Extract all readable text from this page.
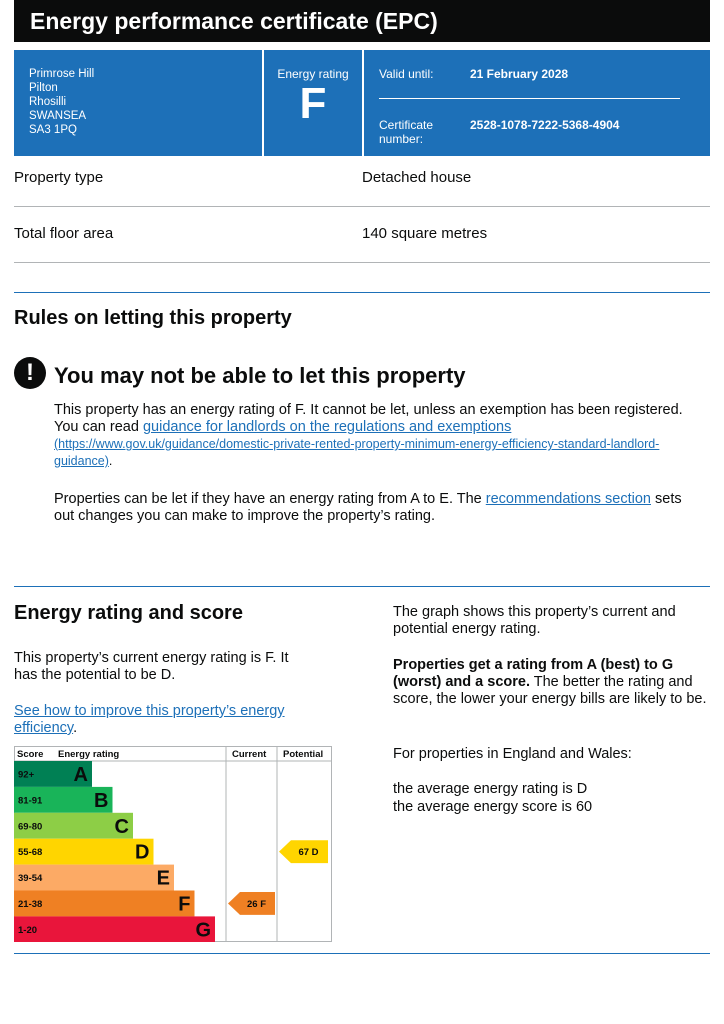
Energy performance certificate (EPC)
Primrose Hill
Pilton
Rhosilli
SWANSEA
SA3 1PQ
Energy rating
F
Valid until:	21 February 2028
Certificate number:
2528-1078-7222-5368-4904
Property type	Detached house
Total floor area	140 square metres
Rules on letting this property
! You may not be able to let this property

This property has an energy rating of F. It cannot be let, unless an exemption has been registered. You can read guidance for landlords on the regulations and exemptions

(https://www.gov.uk/guidance/domestic-private-rented-property-minimum-energy-efficiency-standard-landlord-guidance).

Properties can be let if they have an energy rating from A to E. The recommendations section sets out changes you can make to improve the property’s rating.
Energy rating and score

This property’s current energy rating is F. It has the potential to be D.

See how to improve this property’s energy efficiency.

The graph shows this property’s current and potential energy rating.

Properties get a rating from A (best) to G (worst) and a score. The better the rating and score, the lower your energy bills are likely to be.

For properties in England and Wales:

the average energy rating is D

the average energy score is 60

Score Energy rating	Current Potential
92+ A
81-91	B
69-80	C
55-68	D
39-54	E
21-38	F
1-20	G
26 F
67 D
